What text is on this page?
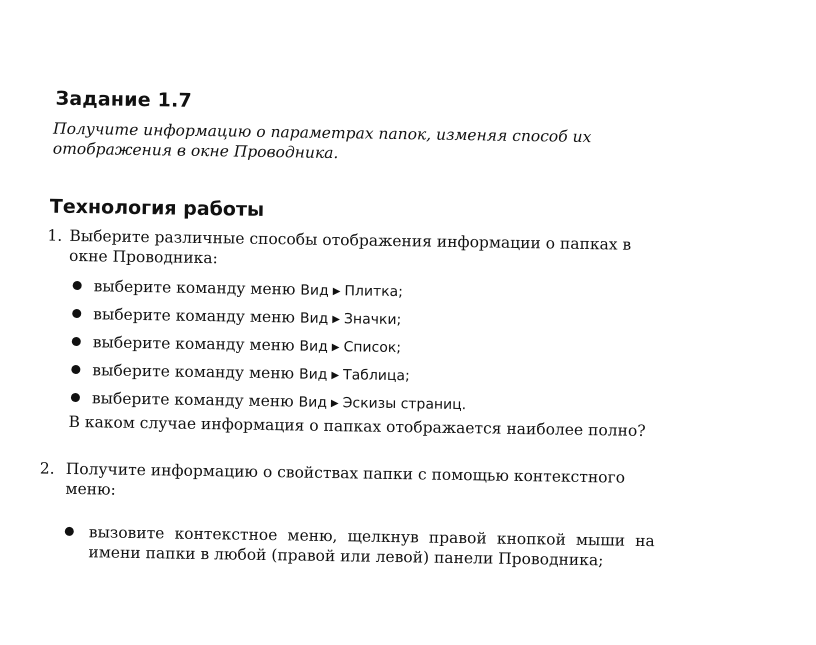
Задание 1.7
Получите информацию о параметрах папок, изменяя способ их отображения в окне Проводника.
Технология работы
1. Выберите различные способы отображения информации о папках в окне Проводника:
выберите команду меню Вид ▶ Плитка;
выберите команду меню Вид ▶ Значки;
выберите команду меню Вид ▶ Список;
выберите команду меню Вид ▶ Таблица;
выберите команду меню Вид ▶ Эскизы страниц.
В каком случае информация о папках отображается наиболее полно?
2. Получите информацию о свойствах папки с помощью контекстного меню:
вызовите контекстное меню, щелкнув правой кнопкой мыши на имени папки в любой (правой или левой) панели Проводника;
